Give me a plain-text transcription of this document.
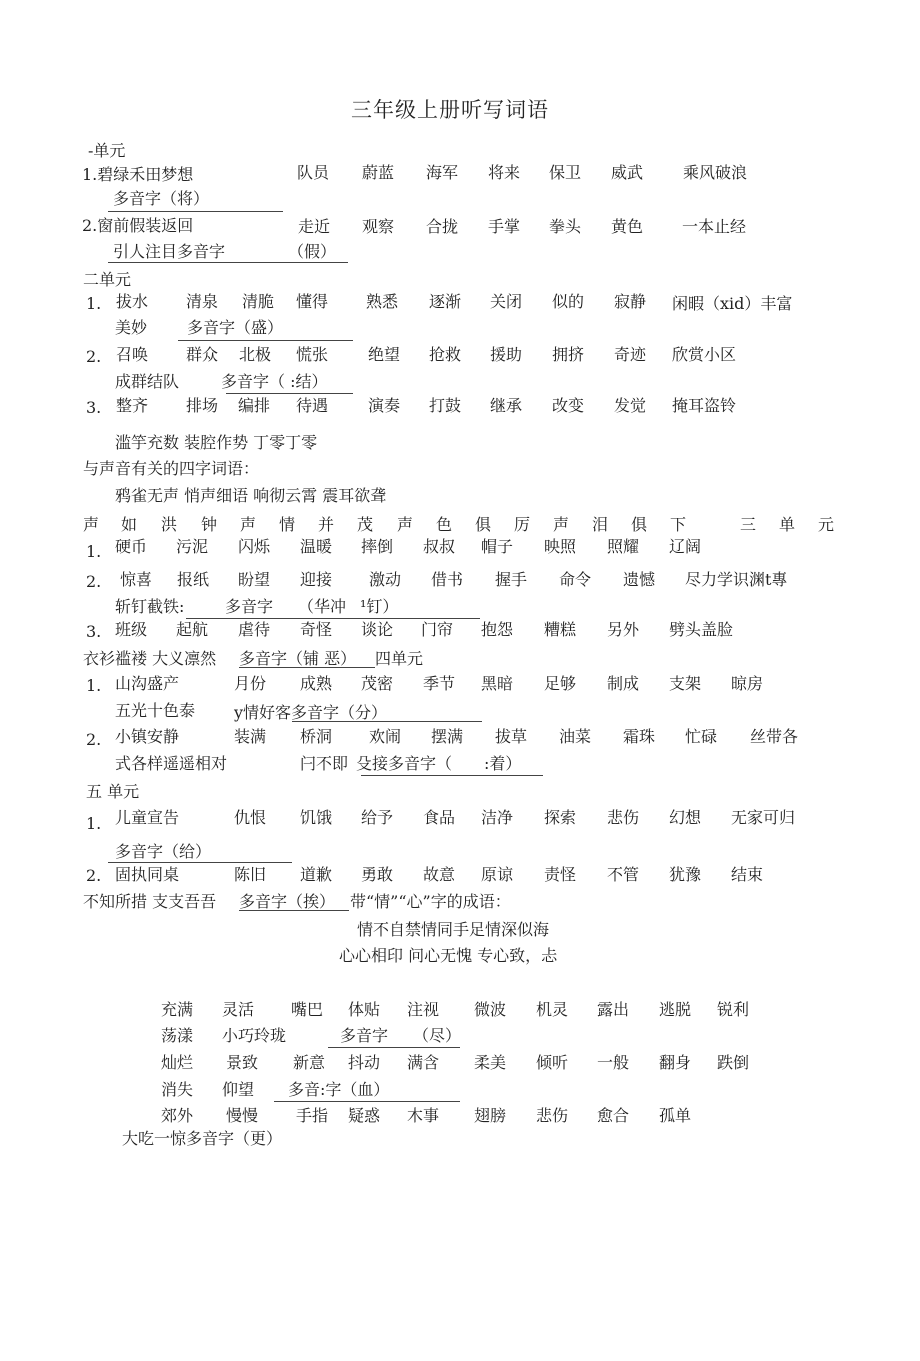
三年级上册听写词语
-单元
1.碧绿禾田梦想	队员 蔚蓝 海军 将来 保卫 威武 乘风破浪
多音字（将）
2.窗前假装返回	走近 观察 合拢 手掌 拳头 黄色 一本止经
引人注目多音字	（假）
二单元
1. 拔水 清泉 清脆 懂得 熟悉 逐渐 关闭 似的 寂静 闲暇（xid）丰富
美妙 多音字（盛）
2. 召唤 群众 北极 慌张 绝望 抢救 援助 拥挤 奇迹 欣赏小区
成群结队	多音字（ :结）
3. 整齐 排场 编排 待遇 演奏 打鼓 继承 改变 发觉 掩耳盗铃
滥竽充数 装腔作势 丁零丁零
与声音有关的四字词语：
鸦雀无声 悄声细语 响彻云霄 震耳欲聋
声 如 洪 钟 声 情 并 茂 声 色 俱 厉 声 泪 俱 下	三 单 元
1. 硬币 污泥 闪烁 温暖 摔倒 叔叔 帽子 映照 照耀 辽阔
2. 惊喜 报纸 盼望 迎接 激动 借书 握手 命令 遗憾 尽力学识渊t專
斩钉截铁:	多音字 （华冲 ¹钉）
3. 班级 起航 虐待 奇怪 谈论 门帘 抱怨 糟糕 另外 劈头盖脸
衣衫褴褛 大义凛然 多音字（铺 恶） 四单元
1. 山沟盛产	月份 成熟 茂密 季节 黑暗 足够 制成 支架 晾房
五光十色泰 y情好客多音字（分）
2. 小镇安静	装满 桥洞 欢闹 摆满 拔草 油菜 霜珠 忙碌 丝带各
式各样遥遥相对	闩不即 殳接多音字（ :着）
五 单元
1. 儿童宣告	仇恨 饥饿 给予 食品 洁净 探索 悲伤 幻想 无家可归
多音字（给）
2. 固执同桌	陈旧 道歉 勇敢 故意 原谅 责怪 不管 犹豫 结束
不知所措 支支吾吾 多音字（挨） 带“情”“心”字的成语：
情不自禁情同手足情深似海
心心相印 问心无愧 专心致，忐
充满 灵活 嘴巴 体贴 注视 微波 机灵 露出 逃脱 锐利
荡漾 小巧玲珑	多音字 （尽）
灿烂 景致 新意 抖动 满含 柔美 倾听 一般 翻身 跌倒
消失 仰望 多音:字（血）
郊外 慢慢 手指 疑惑 木事 翅膀 悲伤 愈合 孤单
大吃一惊多音字（更）
